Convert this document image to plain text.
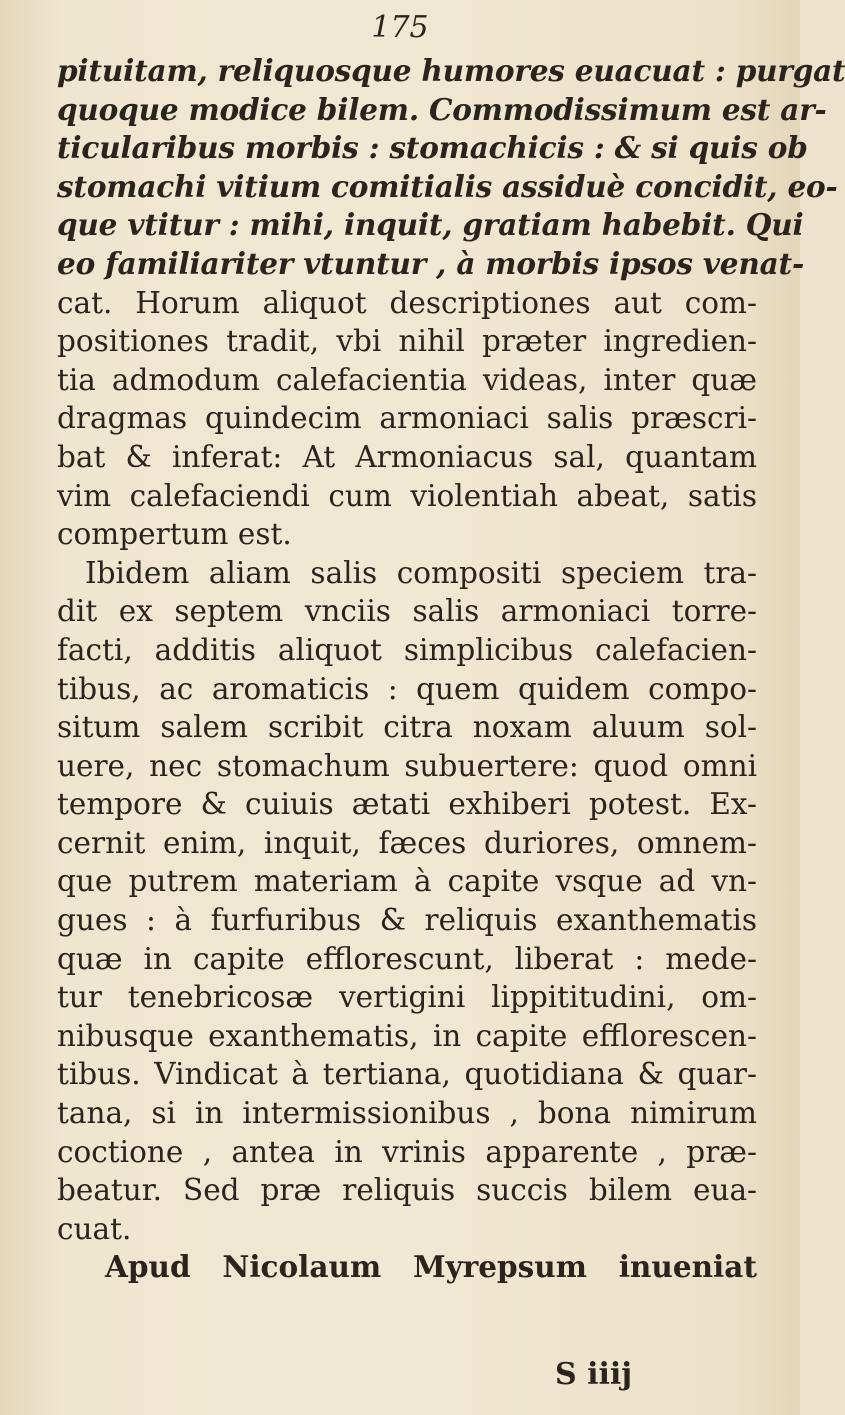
175
pituitam, reliquosque humores euacuat : purgat
quoque modice bilem. Commodissimum est ar-
ticularibus morbis : stomachicis : & si quis ob
stomachi vitium comitialis assiduè concidit, eo-
que vtitur : mihi, inquit, gratiam habebit. Qui
eo familiariter vtuntur , à morbis ipsos venat-
cat. Horum aliquot descriptiones aut com-
positiones tradit, vbi nihil præter ingredien-
tia admodum calefacientia videas, inter quæ
dragmas quindecim armoniaci salis præscri-
bat & inferat: At Armoniacus sal, quantam
vim calefaciendi cum violentiah abeat, satis
compertum est.
Ibidem aliam salis compositi speciem tra-
dit ex septem vnciis salis armoniaci torre-
facti, additis aliquot simplicibus calefacien-
tibus, ac aromaticis : quem quidem compo-
situm salem scribit citra noxam aluum sol-
uere, nec stomachum subuertere: quod omni
tempore & cuiuis ætati exhiberi potest. Ex-
cernit enim, inquit, fæces duriores, omnem-
que putrem materiam à capite vsque ad vn-
gues : à furfuribus & reliquis exanthematis
quæ in capite efflorescunt, liberat : mede-
tur tenebricosæ vertigini lippititudini, om-
nibusque exanthematis, in capite efflorescen-
tibus. Vindicat à tertiana, quotidiana & quar-
tana, si in intermissionibus , bona nimirum
coctione , antea in vrinis apparente , præ-
beatur. Sed præ reliquis succis bilem eua-
cuat.
Apud Nicolaum Myrepsum inueniat
S iiij
